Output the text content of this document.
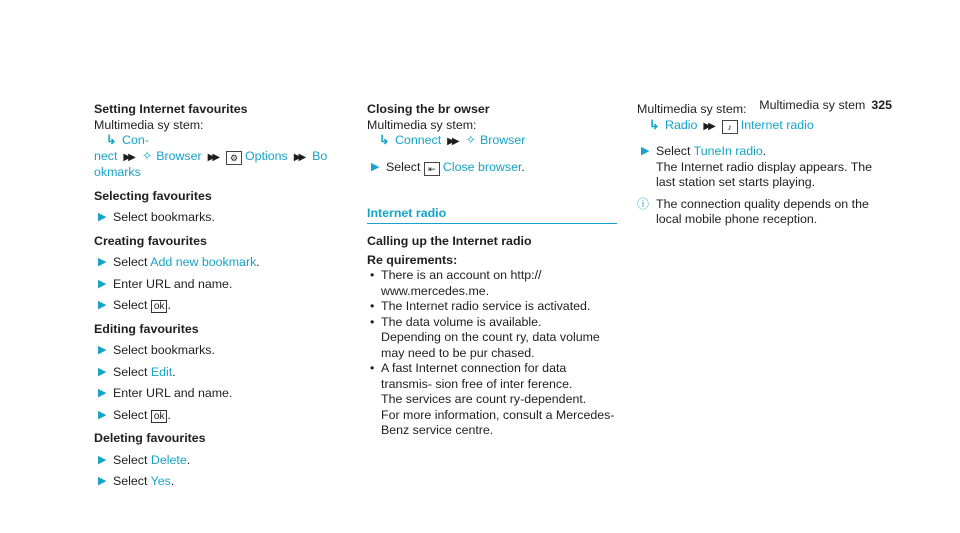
Multimedia sy stem 325
Setting Internet favourites
Multimedia sy stem:
↳ Con-
nect ▶▶ ✧ Browser ▶▶ ⚙ Options ▶▶ Bo
okmarks
Selecting favourites
▶ Select bookmarks.
Creating favourites
▶ Select Add new bookmark.
▶ Enter URL and name.
▶ Select ok .
Editing favourites
▶ Select bookmarks.
▶ Select Edit.
▶ Enter URL and name.
▶ Select ok .
Deleting favourites
▶ Select Delete.
▶ Select Yes.
Closing the br owser
Multimedia sy stem:
↳ Connect ▶▶ ✧ Browser
▶ Select ⇤ Close browser.
Internet radio
Calling up the Internet radio
Re quirements:
• There is an account on http://
www.mercedes.me.
• The Internet radio service is activated.
• The data volume is available.
Depending on the count ry, data volume may need to be pur chased.
• A fast Internet connection for data transmis‑ sion free of inter ference.
The services are count ry-dependent.
For more information, consult a Mercedes- Benz service centre.
Multimedia sy stem:
↳ Radio ▶▶ ♪ Internet radio
▶ Select TuneIn radio.
The Internet radio display appears. The last station set starts playing.
ⓘ The connection quality depends on the local mobile phone reception.
